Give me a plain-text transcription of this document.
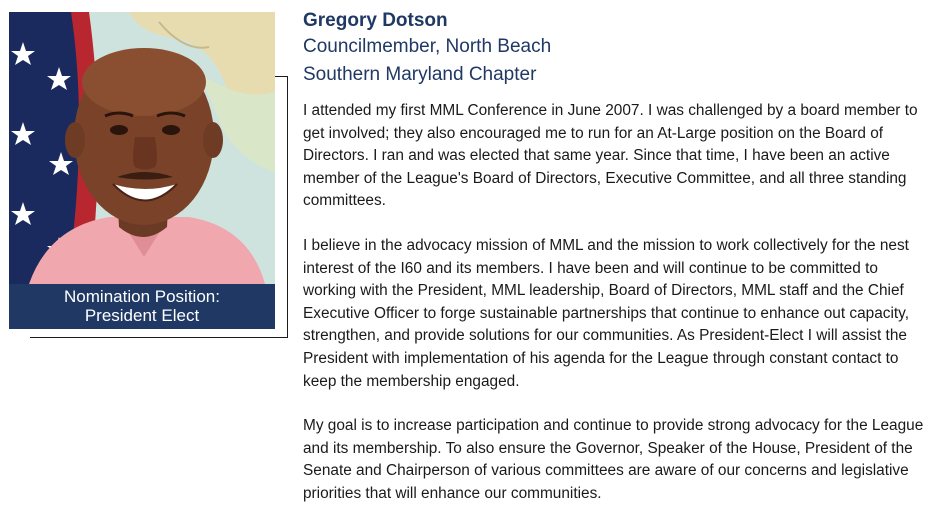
Nomination Position:
President Elect

Gregory Dotson

Councilmember, North Beach

Southern Maryland Chapter

I attended my first MML Conference in June 2007. I was challenged by a board member to get involved; they also encouraged me to run for an At-Large position on the Board of Directors. I ran and was elected that same year. Since that time, I have been an active member of the League's Board of Directors, Executive Committee, and all three standing committees.

I believe in the advocacy mission of MML and the mission to work collectively for the nest interest of the I60 and its members. I have been and will continue to be committed to working with the President, MML leadership, Board of Directors, MML staff and the Chief Executive Officer to forge sustainable partnerships that continue to enhance out capacity, strengthen, and provide solutions for our communities. As President-Elect I will assist the President with implementation of his agenda for the League through constant contact to keep the membership engaged.

My goal is to increase participation and continue to provide strong advocacy for the League and its membership. To also ensure the Governor, Speaker of the House, President of the Senate and Chairperson of various committees are aware of our concerns and legislative priorities that will enhance our communities.
